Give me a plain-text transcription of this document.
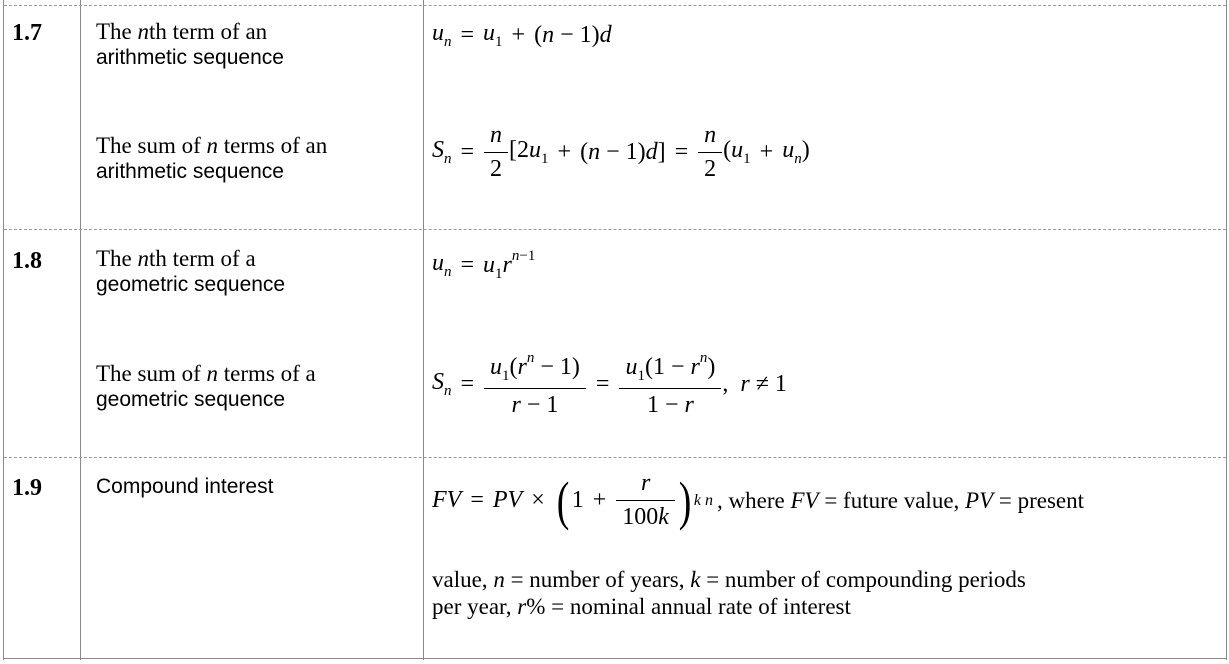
1.7 The nth term of an
arithmetic sequence
$u_n = u_1 + (n - 1)d$
The sum of n terms of an
arithmetic sequence
$S_n = \frac{n}{2} [2u_1 + (n - 1)d] = \frac{n}{2} (u_1 + u_n)$
1.8 The nth term of a
geometric sequence
$u_n = u_1r^{n-1}$
The sum of n terms of a
geometric sequence
$S_n = \frac{u_1(r^n - 1)}{r - 1} = \frac{u_1(1 - r^n)}{1 - r}$ ,  r ≠ 1
1.9	Compound interest
FV = PV × ( $1 + \frac{r}{100k}$ ) k n , where FV = future value, PV = present
value, n = number of years, k = number of compounding periods
per year, r% = nominal annual rate of interest
